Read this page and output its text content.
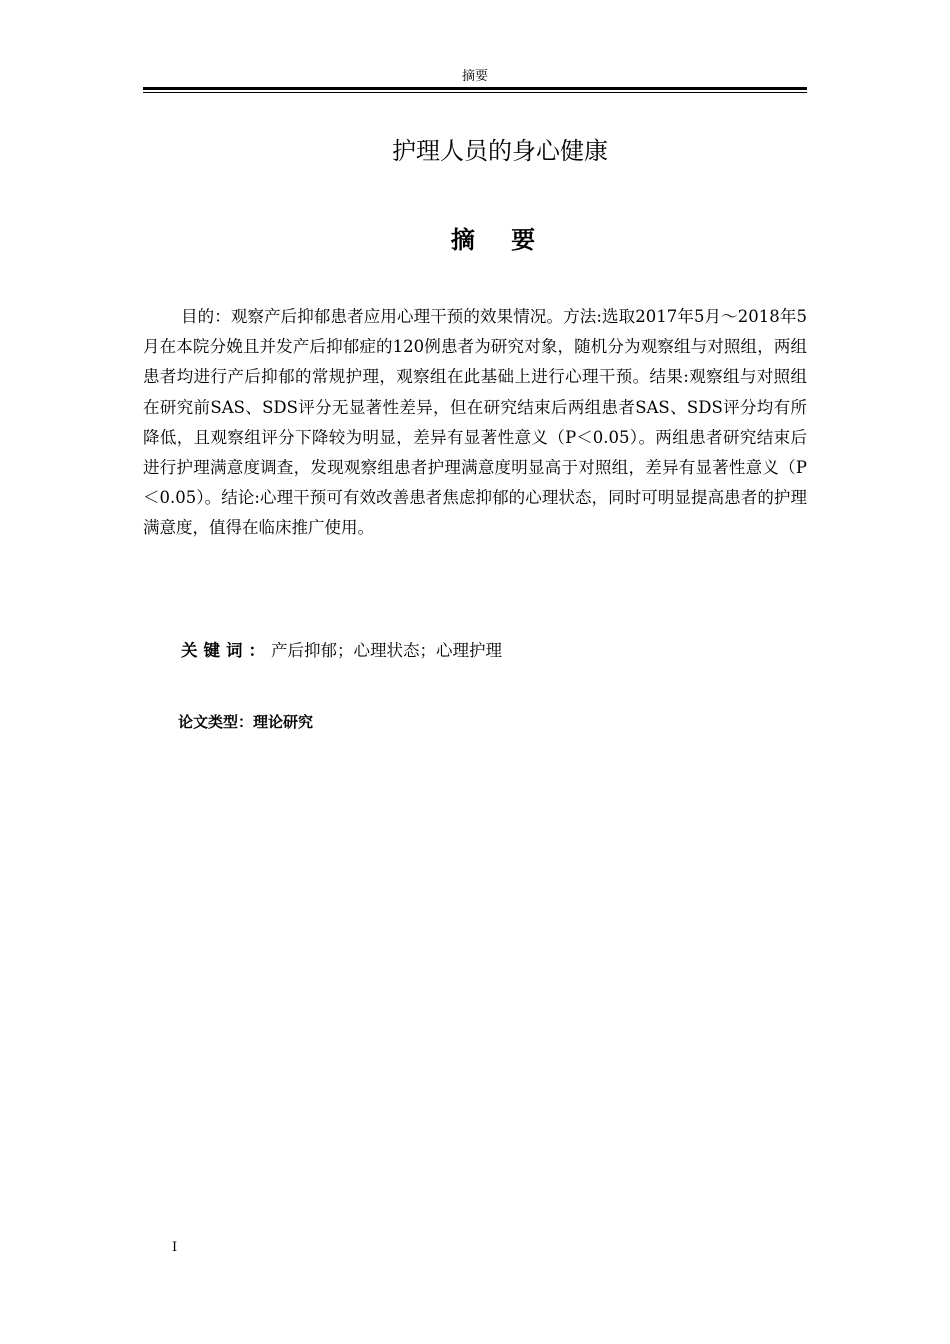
摘要
护理人员的身心健康
摘 要

目的：观察产后抑郁患者应用心理干预的效果情况。方法:选取2017年5月～2018年5月在本院分娩且并发产后抑郁症的120例患者为研究对象，随机分为观察组与对照组，两组患者均进行产后抑郁的常规护理，观察组在此基础上进行心理干预。结果:观察组与对照组在研究前SAS、SDS评分无显著性差异，但在研究结束后两组患者SAS、SDS评分均有所降低，且观察组评分下降较为明显，差异有显著性意义（P＜0.05）。两组患者研究结束后进行护理满意度调查，发现观察组患者护理满意度明显高于对照组，差异有显著性意义（P＜0.05）。结论:心理干预可有效改善患者焦虑抑郁的心理状态，同时可明显提高患者的护理满意度，值得在临床推广使用。

关键词：产后抑郁；心理状态；心理护理
论文类型：理论研究
I
